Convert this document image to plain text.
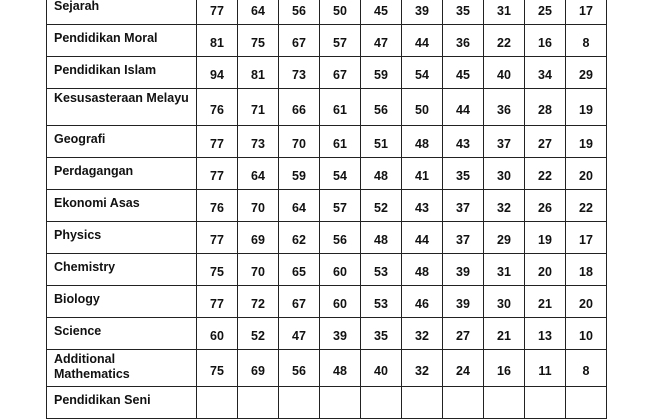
Sejarah	77	64	56	50	45	39	35	31	25	17
Pendidikan Moral	81	75	67	57	47	44	36	22	16	8
Pendidikan Islam	94	81	73	67	59	54	45	40	34	29
Kesusasteraan Melayu	76	71	66	61	56	50	44	36	28	19
Geografi	77	73	70	61	51	48	43	37	27	19
Perdagangan	77	64	59	54	48	41	35	30	22	20
Ekonomi Asas	76	70	64	57	52	43	37	32	26	22
Physics	77	69	62	56	48	44	37	29	19	17
Chemistry	75	70	65	60	53	48	39	31	20	18
Biology	77	72	67	60	53	46	39	30	21	20
Science	60	52	47	39	35	32	27	21	13	10
Additional Mathematics	75	69	56	48	40	32	24	16	11	8
Pendidikan Seni										
